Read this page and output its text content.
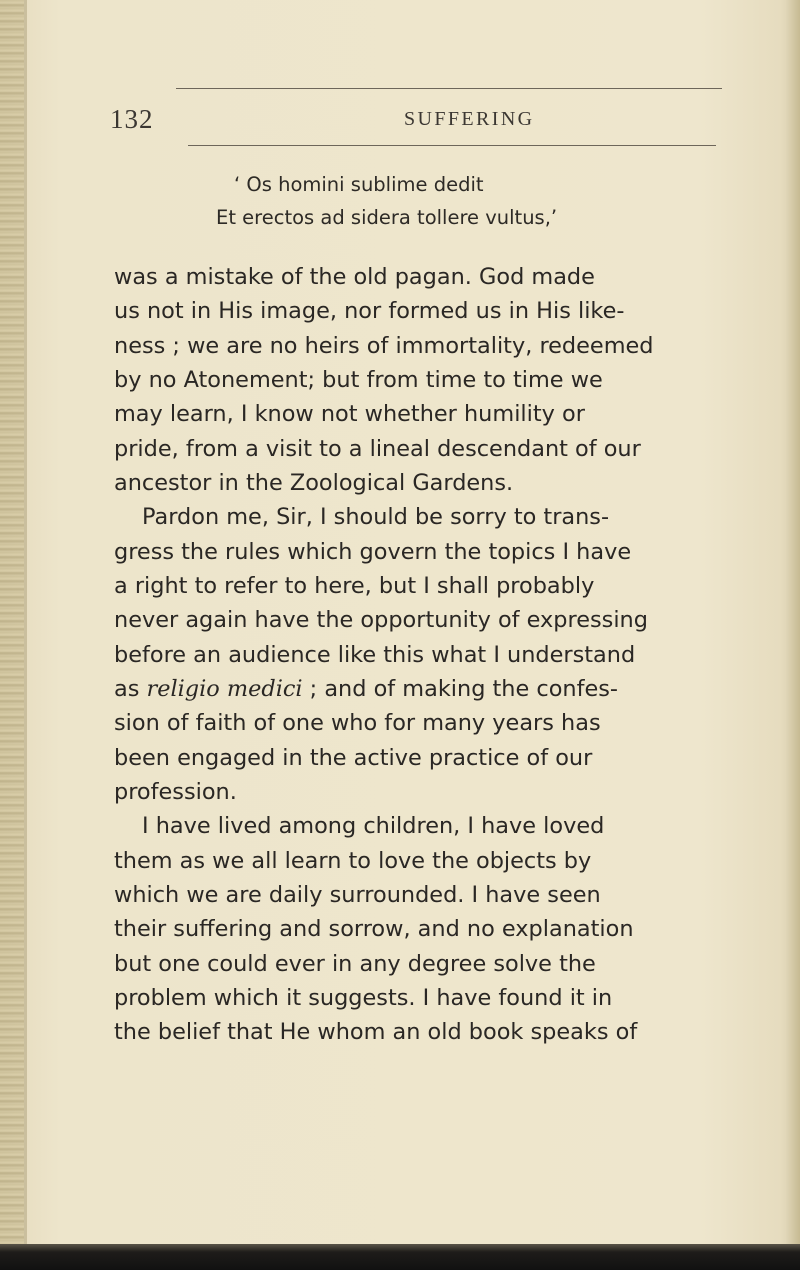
132	SUFFERING
‘ Os homini sublime dedit
Et erectos ad sidera tollere vultus,’
was a mistake of the old pagan. God made
us not in His image, nor formed us in His like-
ness ; we are no heirs of immortality, redeemed
by no Atonement; but from time to time we
may learn, I know not whether humility or
pride, from a visit to a lineal descendant of our
ancestor in the Zoological Gardens.
Pardon me, Sir, I should be sorry to trans-
gress the rules which govern the topics I have
a right to refer to here, but I shall probably
never again have the opportunity of expressing
before an audience like this what I understand
as religio medici ; and of making the confes-
sion of faith of one who for many years has
been engaged in the active practice of our
profession.
I have lived among children, I have loved
them as we all learn to love the objects by
which we are daily surrounded. I have seen
their suffering and sorrow, and no explanation
but one could ever in any degree solve the
problem which it suggests. I have found it in
the belief that He whom an old book speaks of
